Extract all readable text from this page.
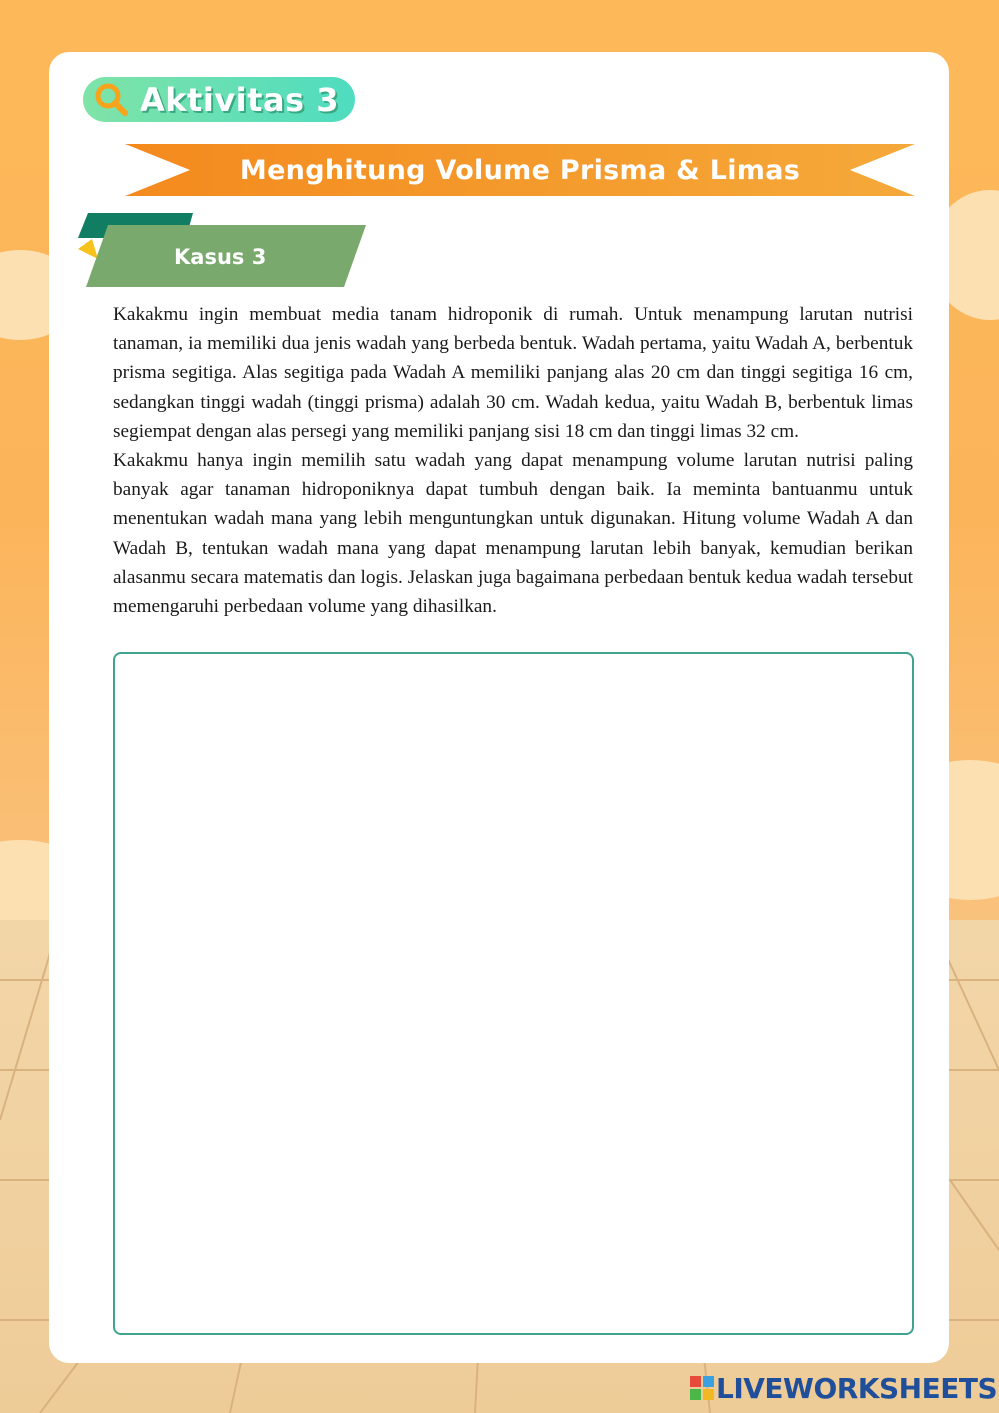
Aktivitas 3
Menghitung Volume Prisma & Limas
Kasus 3

Kakakmu ingin membuat media tanam hidroponik di rumah. Untuk menampung larutan nutrisi tanaman, ia memiliki dua jenis wadah yang berbeda bentuk. Wadah pertama, yaitu Wadah A, berbentuk prisma segitiga. Alas segitiga pada Wadah A memiliki panjang alas 20 cm dan tinggi segitiga 16 cm, sedangkan tinggi wadah (tinggi prisma) adalah 30 cm. Wadah kedua, yaitu Wadah B, berbentuk limas segiempat dengan alas persegi yang memiliki panjang sisi 18 cm dan tinggi limas 32 cm.

Kakakmu hanya ingin memilih satu wadah yang dapat menampung volume larutan nutrisi paling banyak agar tanaman hidroponiknya dapat tumbuh dengan baik. Ia meminta bantuanmu untuk menentukan wadah mana yang lebih menguntungkan untuk digunakan. Hitung volume Wadah A dan Wadah B, tentukan wadah mana yang dapat menampung larutan lebih banyak, kemudian berikan alasanmu secara matematis dan logis. Jelaskan juga bagaimana perbedaan bentuk kedua wadah tersebut memengaruhi perbedaan volume yang dihasilkan.

LIVEWORKSHEETS
